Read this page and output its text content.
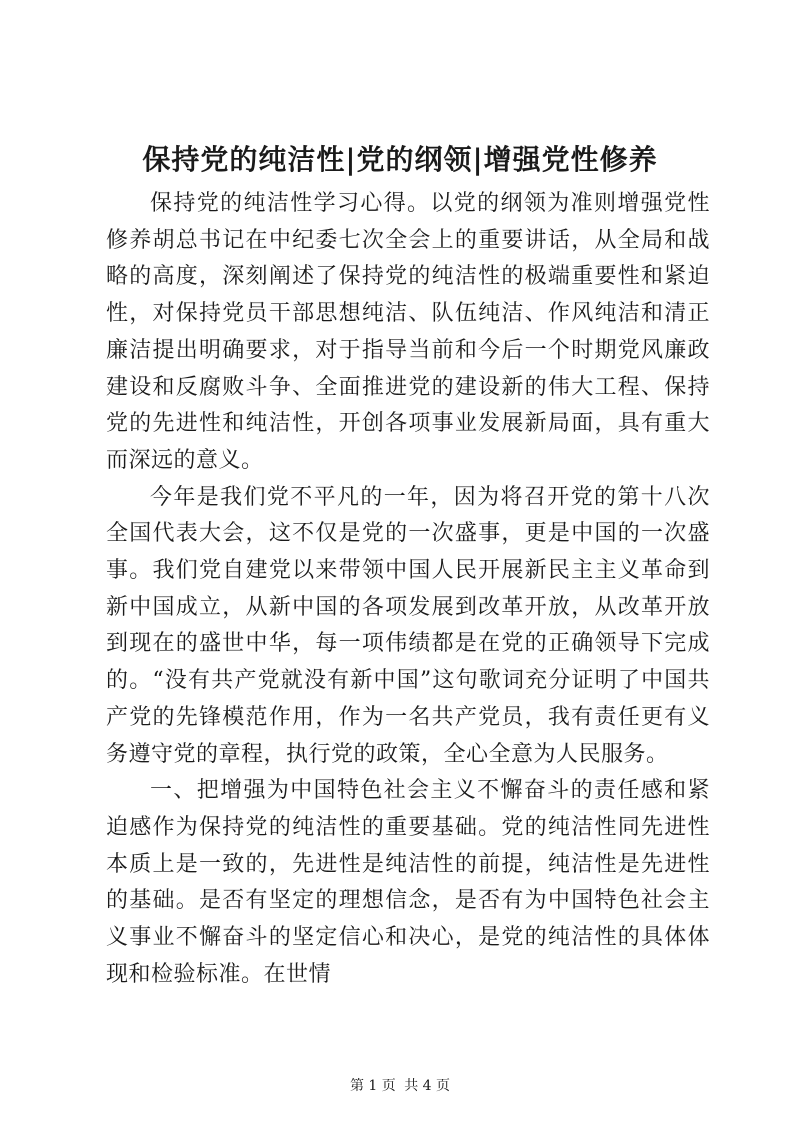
保持党的纯洁性|党的纲领|增强党性修养

保持党的纯洁性学习心得。以党的纲领为准则增强党性修养胡总书记在中纪委七次全会上的重要讲话，从全局和战略的高度，深刻阐述了保持党的纯洁性的极端重要性和紧迫性，对保持党员干部思想纯洁、队伍纯洁、作风纯洁和清正廉洁提出明确要求，对于指导当前和今后一个时期党风廉政建设和反腐败斗争、全面推进党的建设新的伟大工程、保持党的先进性和纯洁性，开创各项事业发展新局面，具有重大而深远的意义。

今年是我们党不平凡的一年，因为将召开党的第十八次全国代表大会，这不仅是党的一次盛事，更是中国的一次盛事。我们党自建党以来带领中国人民开展新民主主义革命到新中国成立，从新中国的各项发展到改革开放，从改革开放到现在的盛世中华，每一项伟绩都是在党的正确领导下完成的。“没有共产党就没有新中国”这句歌词充分证明了中国共产党的先锋模范作用，作为一名共产党员，我有责任更有义务遵守党的章程，执行党的政策，全心全意为人民服务。

一、把增强为中国特色社会主义不懈奋斗的责任感和紧迫感作为保持党的纯洁性的重要基础。党的纯洁性同先进性本质上是一致的，先进性是纯洁性的前提，纯洁性是先进性的基础。是否有坚定的理想信念，是否有为中国特色社会主义事业不懈奋斗的坚定信心和决心，是党的纯洁性的具体体现和检验标准。在世情

第 1 页 共 4 页
